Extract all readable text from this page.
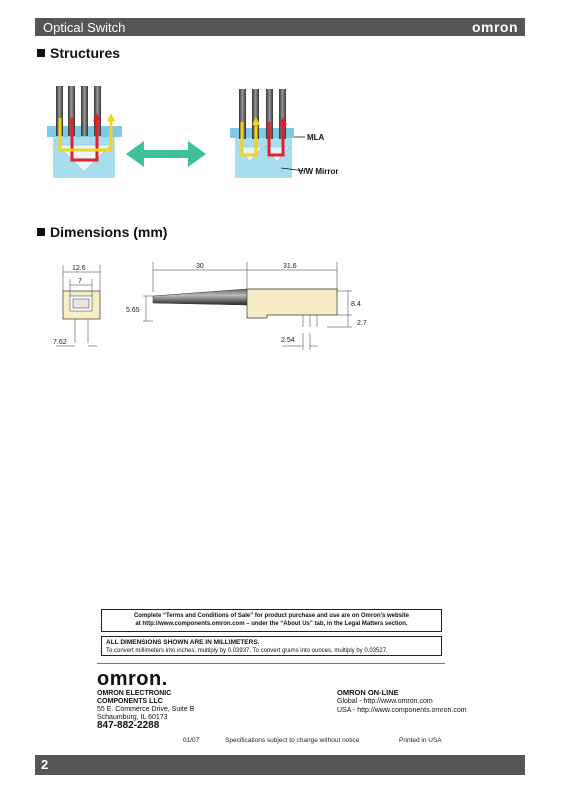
Optical Switch	omron
Structures
MLA
V/W Mirror
Dimensions (mm)
12.6
7
7.62
30	31.6
5.65
8.4
2.7
2.54
Complete “Terms and Conditions of Sale” for product purchase and use are on Omron’s website
at http://www.components.omron.com – under the “About Us” tab, in the Legal Matters section.
ALL DIMENSIONS SHOWN ARE IN MILLIMETERS.
To convert millimeters into inches, multiply by 0.03937. To convert grams into ounces, multiply by 0.03527.
omron.
OMRON ELECTRONIC
COMPONENTS LLC
55 E. Commerce Drive, Suite B
Schaumburg, IL 60173
847-882-2288
OMRON ON-LINE
Global - http://www.omron.com
USA - http://www.components.omron.com
01/07	Specifications subject to change without notice	Printed in USA
2
